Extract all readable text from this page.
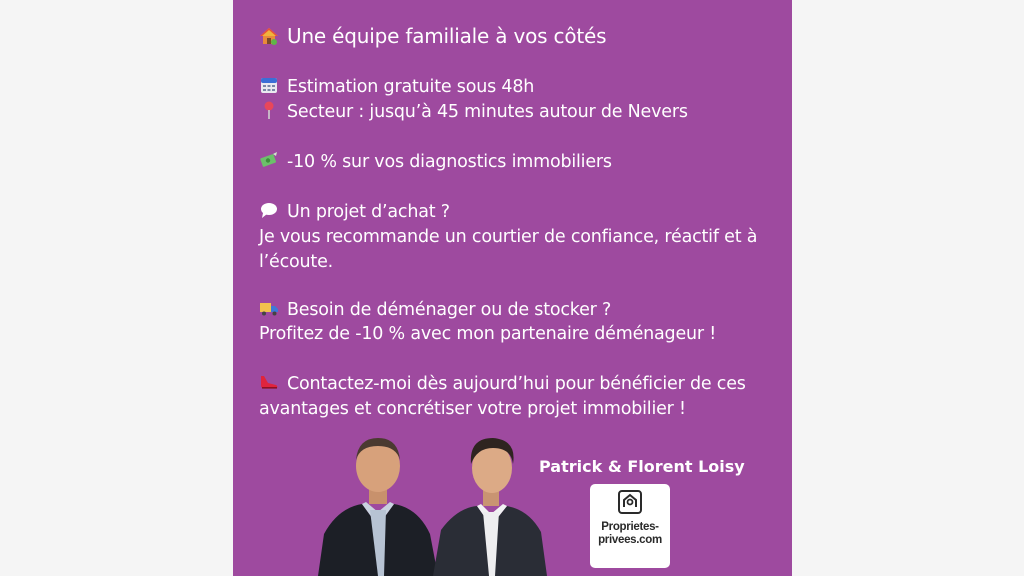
Une équipe familiale à vos côtés
Estimation gratuite sous 48h
Secteur : jusqu’à 45 minutes autour de Nevers
-10 % sur vos diagnostics immobiliers
Un projet d’achat ?
Je vous recommande un courtier de confiance, réactif et à
l’écoute.
Besoin de déménager ou de stocker ?
Profitez de -10 % avec mon partenaire déménageur !
Contactez-moi dès aujourd’hui pour bénéficier de ces
avantages et concrétiser votre projet immobilier !
Patrick & Florent Loisy
Proprietes-
privees.com
